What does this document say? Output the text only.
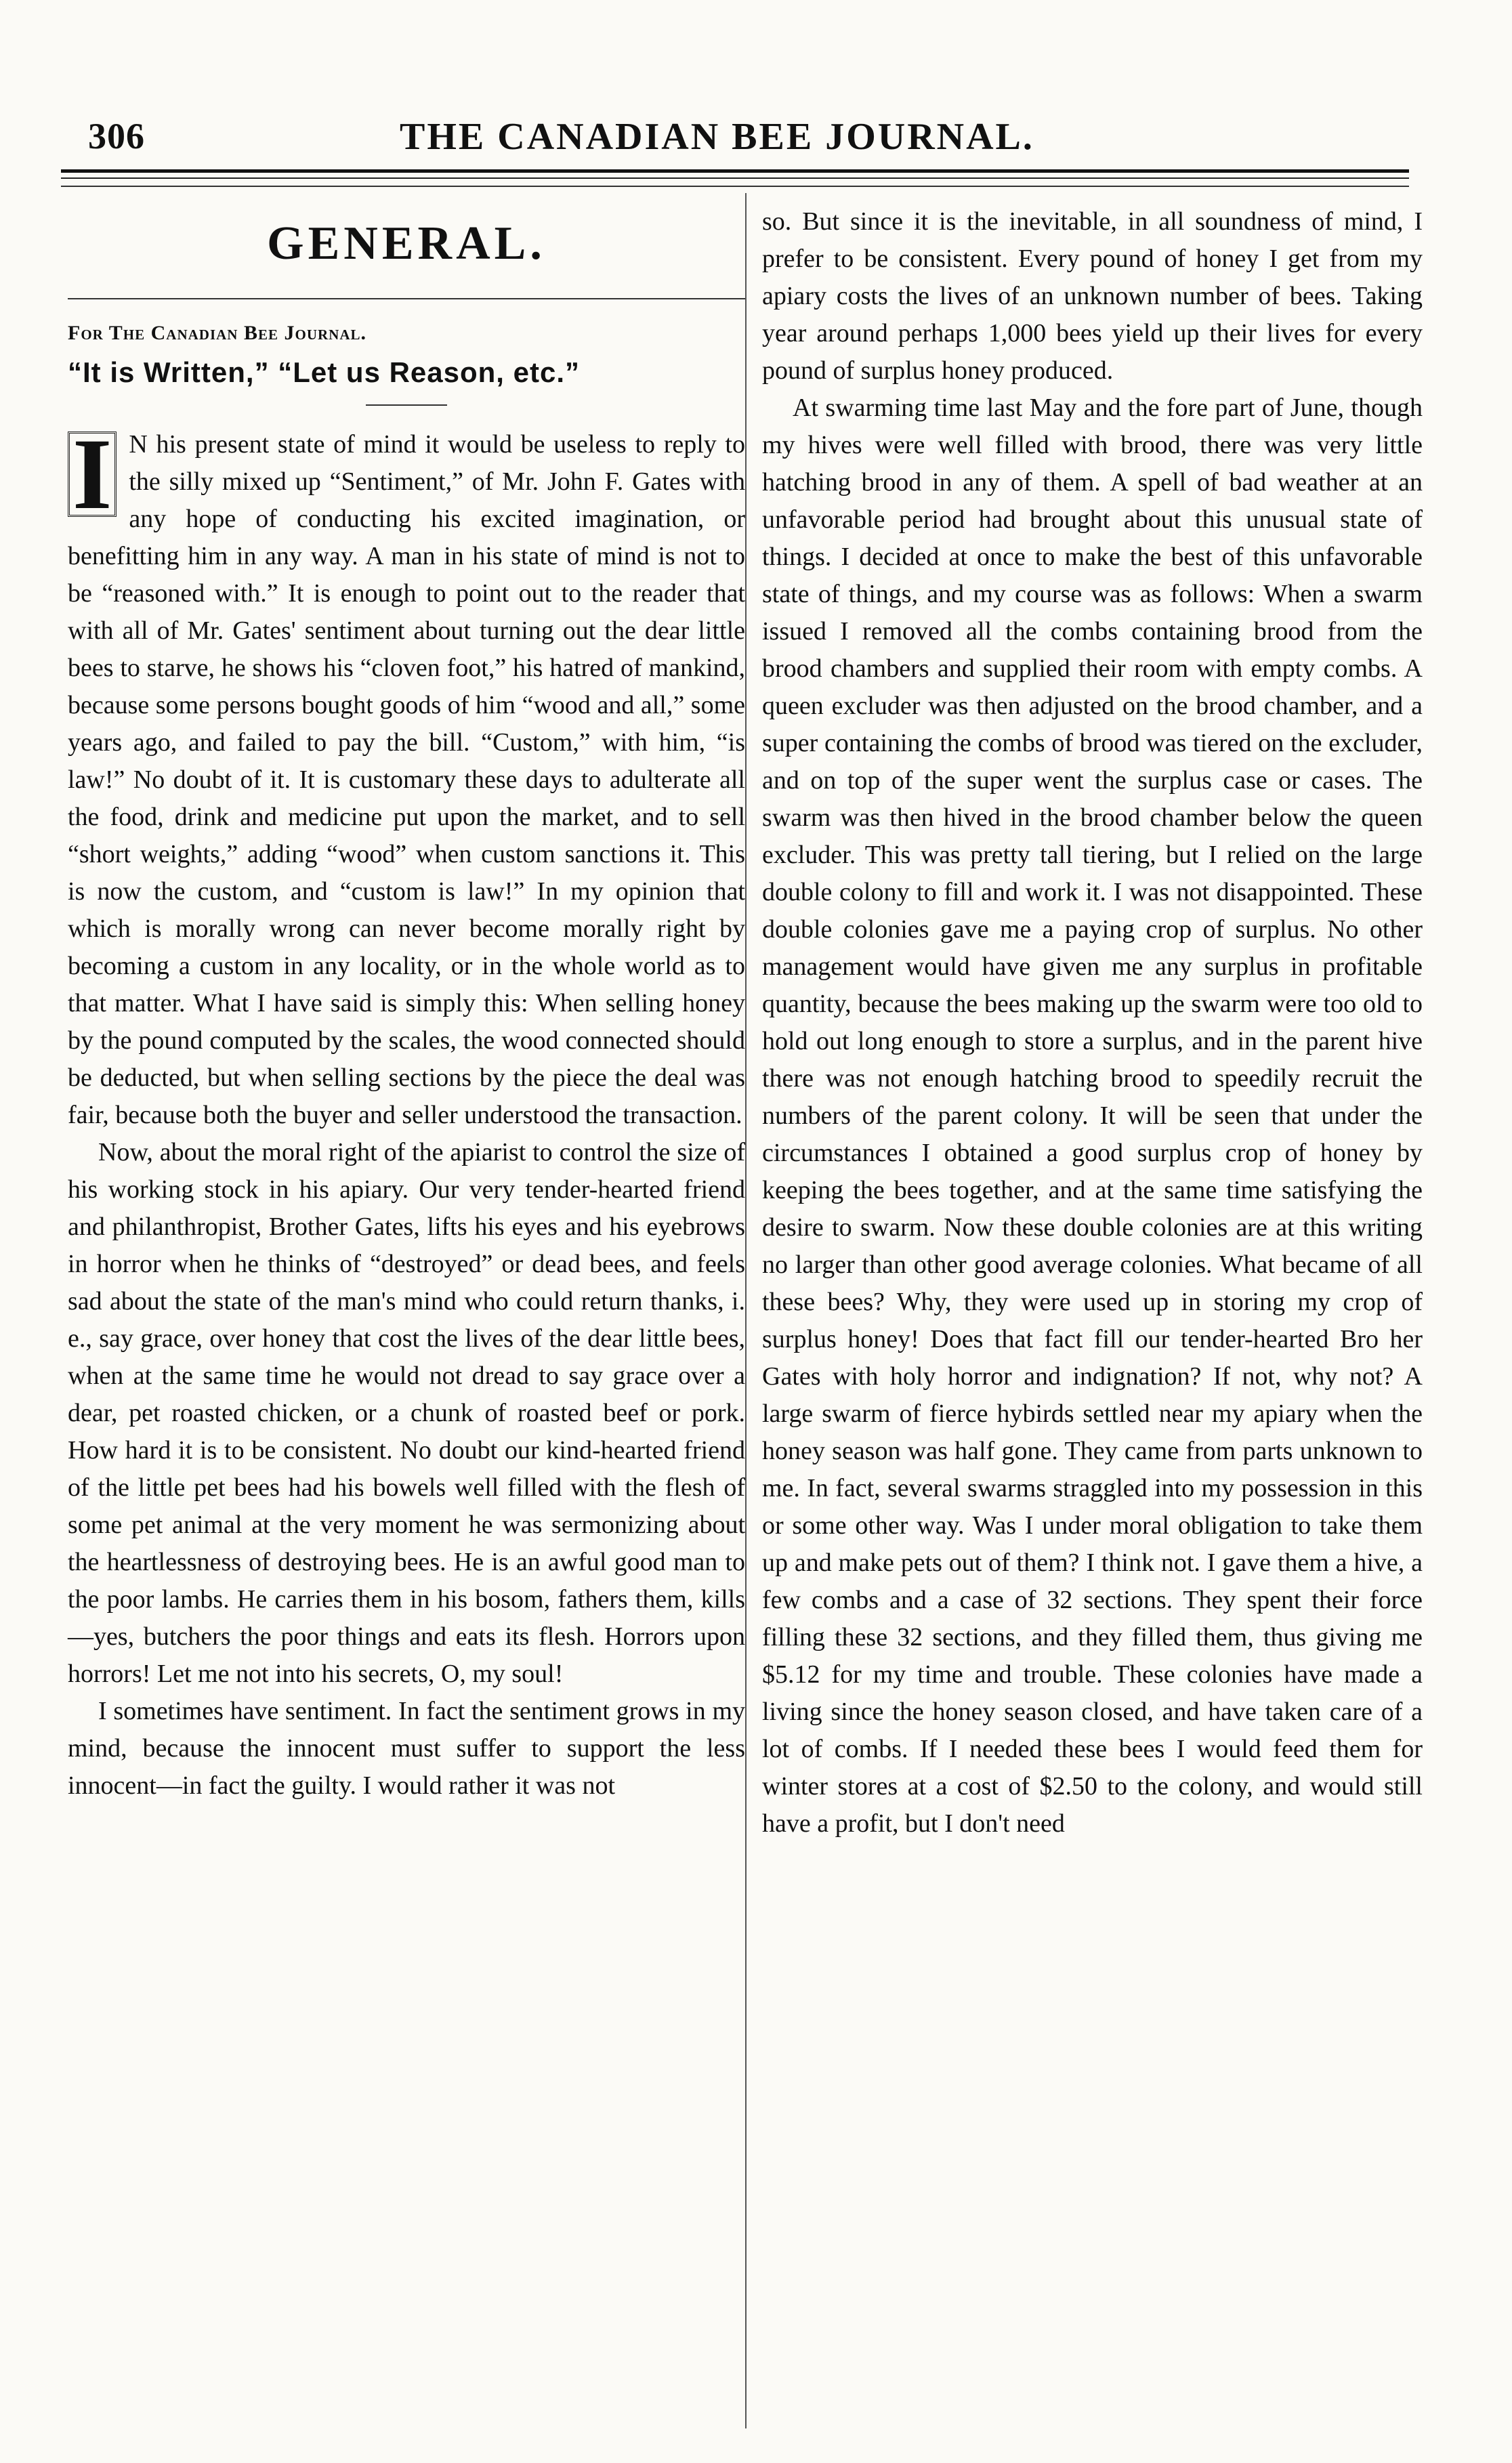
306	THE CANADIAN BEE JOURNAL.
GENERAL.
For The Canadian Bee Journal.
“It is Written,” “Let us Reason, etc.”

I N his present state of mind it would be useless to reply to the silly mixed up “Sentiment,” of Mr. John F. Gates with any hope of conducting his excited imagination, or benefitting him in any way. A man in his state of mind is not to be “reasoned with.” It is enough to point out to the reader that with all of Mr. Gates' sentiment about turning out the dear little bees to starve, he shows his “cloven foot,” his hatred of mankind, because some persons bought goods of him “wood and all,” some years ago, and failed to pay the bill. “Custom,” with him, “is law!” No doubt of it. It is customary these days to adulterate all the food, drink and medicine put upon the market, and to sell “short weights,” adding “wood” when custom sanctions it. This is now the custom, and “custom is law!” In my opinion that which is morally wrong can never become morally right by becoming a custom in any locality, or in the whole world as to that matter. What I have said is simply this: When selling honey by the pound computed by the scales, the wood connected should be deducted, but when selling sections by the piece the deal was fair, because both the buyer and seller understood the transaction.

Now, about the moral right of the apiarist to control the size of his working stock in his apiary. Our very tender-hearted friend and philanthropist, Brother Gates, lifts his eyes and his eyebrows in horror when he thinks of “destroyed” or dead bees, and feels sad about the state of the man's mind who could return thanks, i. e., say grace, over honey that cost the lives of the dear little bees, when at the same time he would not dread to say grace over a dear, pet roasted chicken, or a chunk of roasted beef or pork. How hard it is to be consistent. No doubt our kind-hearted friend of the little pet bees had his bowels well filled with the flesh of some pet animal at the very moment he was sermonizing about the heartlessness of destroying bees. He is an awful good man to the poor lambs. He carries them in his bosom, fathers them, kills—yes, butchers the poor things and eats its flesh. Horrors upon horrors! Let me not into his secrets, O, my soul!

I sometimes have sentiment. In fact the sentiment grows in my mind, because the innocent must suffer to support the less innocent—in fact the guilty. I would rather it was not

so. But since it is the inevitable, in all soundness of mind, I prefer to be consistent. Every pound of honey I get from my apiary costs the lives of an unknown number of bees. Taking year around perhaps 1,000 bees yield up their lives for every pound of surplus honey produced.

At swarming time last May and the fore part of June, though my hives were well filled with brood, there was very little hatching brood in any of them. A spell of bad weather at an unfavorable period had brought about this unusual state of things. I decided at once to make the best of this unfavorable state of things, and my course was as follows: When a swarm issued I removed all the combs containing brood from the brood chambers and supplied their room with empty combs. A queen excluder was then adjusted on the brood chamber, and a super containing the combs of brood was tiered on the excluder, and on top of the super went the surplus case or cases. The swarm was then hived in the brood chamber below the queen excluder. This was pretty tall tiering, but I relied on the large double colony to fill and work it. I was not disappointed. These double colonies gave me a paying crop of surplus. No other management would have given me any surplus in profitable quantity, because the bees making up the swarm were too old to hold out long enough to store a surplus, and in the parent hive there was not enough hatching brood to speedily recruit the numbers of the parent colony. It will be seen that under the circumstances I obtained a good surplus crop of honey by keeping the bees together, and at the same time satisfying the desire to swarm. Now these double colonies are at this writing no larger than other good average colonies. What became of all these bees? Why, they were used up in storing my crop of surplus honey! Does that fact fill our tender-hearted Bro her Gates with holy horror and indignation? If not, why not? A large swarm of fierce hybirds settled near my apiary when the honey season was half gone. They came from parts unknown to me. In fact, several swarms straggled into my possession in this or some other way. Was I under moral obligation to take them up and make pets out of them? I think not. I gave them a hive, a few combs and a case of 32 sections. They spent their force filling these 32 sections, and they filled them, thus giving me $5.12 for my time and trouble. These colonies have made a living since the honey season closed, and have taken care of a lot of combs. If I needed these bees I would feed them for winter stores at a cost of $2.50 to the colony, and would still have a profit, but I don't need
